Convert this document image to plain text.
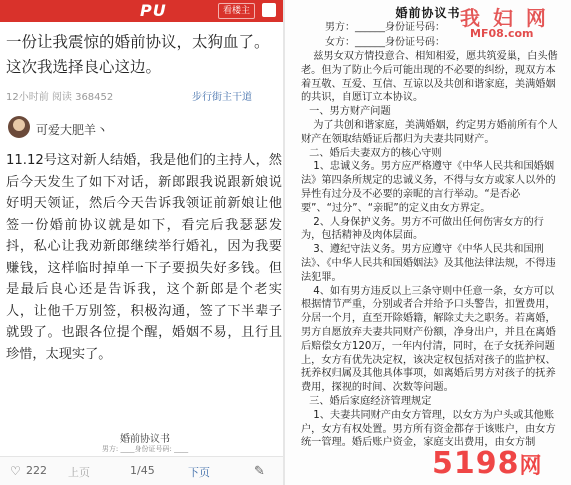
PU	看楼主
一份让我震惊的婚前协议，太狗血了。这次我选择良心这边。
12小时前 阅读 368452	步行街主干道
可爱大肥羊丶
11.12号这对新人结婚，我是他们的主持人，然后今天发生了如下对话，新郎跟我说跟新娘说好明天领证，然后今天告诉我领证前新娘让他签一份婚前协议就是如下，看完后我瑟瑟发抖，私心让我劝新郎继续举行婚礼，因为我要赚钱，这样临时掉单一下子要损失好多钱。但是最后良心还是告诉我，这个新郎是个老实人，让他千万别签，积极沟通，签了下半辈子就毁了。也跟各位提个醒，婚姻不易，且行且珍惜，太现实了。
婚前协议书
男方: ____身份证号码: ____
♡ 222 上页	1/45	下页	✎
婚前协议书
男方：______身份证号码：
女方：______身份证号码：

兹男女双方情投意合、相知相爱，愿共筑爱巢，白头偕老。但为了防止今后可能出现的不必要的纠纷，现双方本着互敬、互爱、互信、互谅以及共创和谐家庭，美满婚姻的共识，自愿订立本协议。

一、男方财产问题

为了共创和谐家庭，美满婚姻，约定男方婚前所有个人财产在领取结婚证后都归为夫妻共同财产。

二、婚后夫妻双方的核心守则

1、忠诚义务。男方应严格遵守《中华人民共和国婚姻法》第四条所规定的忠诚义务，不得与女方或家人以外的异性有过分及不必要的亲昵的言行举动。“是否必要”、“过分”、“亲昵”的定义由女方界定。

2、人身保护义务。男方不可做出任何伤害女方的行为，包括精神及肉体层面。

3、遵纪守法义务。男方应遵守《中华人民共和国刑法》、《中华人民共和国婚姻法》及其他法律法规，不得违法犯罪。

4、如有男方违反以上三条守则中任意一条，女方可以根据情节严重，分别或者合并给予口头警告，扣置费用，分居一个月，直至开除婚籍，解除丈夫之职务。若离婚，男方自愿放弃夫妻共同财产份额，净身出户，并且在离婚后赔偿女方120万，一年内付清，同时，在子女抚养问题上，女方有优先决定权，该决定权包括对孩子的监护权、抚养权归属及其他具体事项，如离婚后男方对孩子的抚养费用，探视的时间、次数等问题。

三、婚后家庭经济管理规定

1、夫妻共同财产由女方管理，以女方为户头或其他账户，女方有权处置。男方所有资金都存于该账户，由女方统一管理。婚后账户资金，家庭支出费用，由女方制

我 妇 网
MF08.com
5198网
